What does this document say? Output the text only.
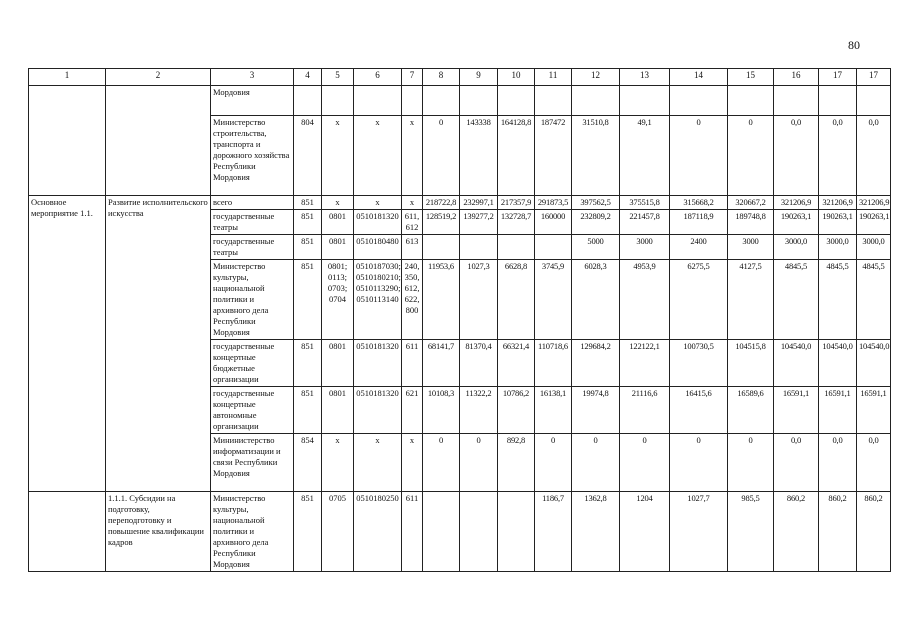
80
1	2	3	4	5	6	7	8	9	10	11	12	13	14	15	16	17	17
		Мордовия															
		Министерство строительства, транспорта и дорожного хозяйства Республики Мордовия	804	x	x	x	0	143338	164128,8	187472	31510,8	49,1	0	0	0,0	0,0	0,0
Основное мероприятие 1.1.	Развитие исполнительского искусства	всего	851	x	x	x	218722,8	232997,1	217357,9	291873,5	397562,5	375515,8	315668,2	320667,2	321206,9	321206,9	321206,9
		государственные театры	851	0801	0510181320	611, 612	128519,2	139277,2	132728,7	160000	232809,2	221457,8	187118,9	189748,8	190263,1	190263,1	190263,1
		государственные театры	851	0801	0510180480	613					5000	3000	2400	3000	3000,0	3000,0	3000,0
		Министерство культуры, национальной политики и архивного дела Республики Мордовия	851	0801; 0113; 0703; 0704	0510187030; 0510180210; 0510113290; 0510113140	240, 350, 612, 622, 800	11953,6	1027,3	6628,8	3745,9	6028,3	4953,9	6275,5	4127,5	4845,5	4845,5	4845,5
		государственные концертные бюджетные организации	851	0801	0510181320	611	68141,7	81370,4	66321,4	110718,6	129684,2	122122,1	100730,5	104515,8	104540,0	104540,0	104540,0
		государственные концертные автономные организации	851	0801	0510181320	621	10108,3	11322,2	10786,2	16138,1	19974,8	21116,6	16415,6	16589,6	16591,1	16591,1	16591,1
		Мининистерство информатизации и связи Республики Мордовия	854	x	x	x	0	0	892,8	0	0	0	0	0	0,0	0,0	0,0
	1.1.1. Субсидии на подготовку, переподготовку и повышение квалификации кадров	Министерство культуры, национальной политики и архивного дела Республики Мордовия	851	0705	0510180250	611				1186,7	1362,8	1204	1027,7	985,5	860,2	860,2	860,2
